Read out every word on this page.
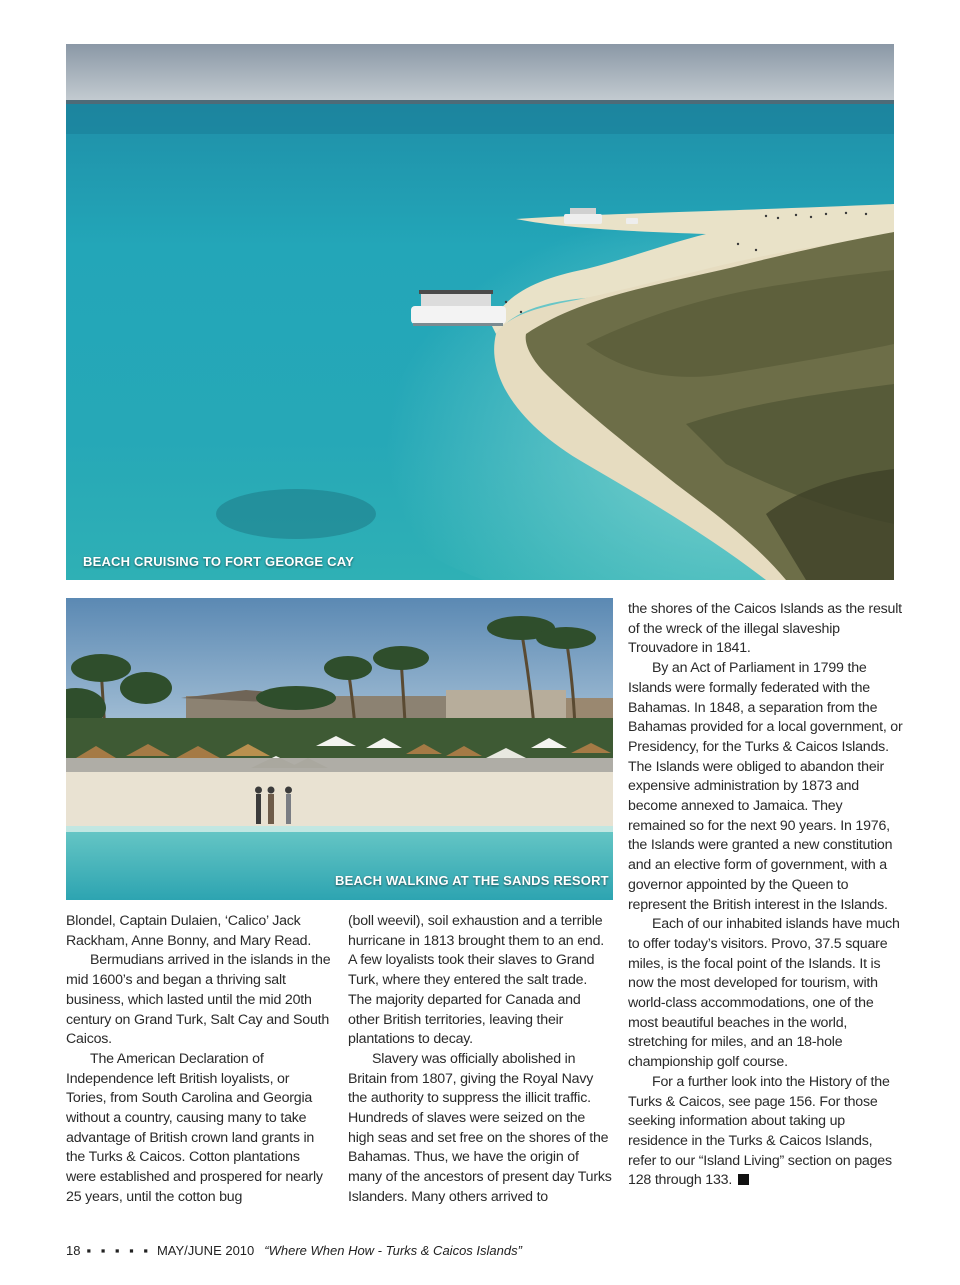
BEACH CRUISING TO FORT GEORGE CAY
BEACH WALKING AT THE SANDS RESORT

Blondel, Captain Dulaien, ‘Calico’ Jack Rackham, Anne Bonny, and Mary Read.

Bermudians arrived in the islands in the mid 1600’s and began a thriving salt business, which lasted until the mid 20th century on Grand Turk, Salt Cay and South Caicos.

The American Declaration of Independence left British loyalists, or Tories, from South Carolina and Georgia without a country, causing many to take advantage of British crown land grants in the Turks & Caicos. Cotton plantations were established and prospered for nearly 25 years, until the cotton bug

(boll weevil), soil exhaustion and a terrible hurricane in 1813 brought them to an end. A few loyalists took their slaves to Grand Turk, where they entered the salt trade. The majority departed for Canada and other British territories, leaving their plantations to decay.

Slavery was officially abolished in Britain from 1807, giving the Royal Navy the authority to suppress the illicit traffic. Hundreds of slaves were seized on the high seas and set free on the shores of the Bahamas. Thus, we have the origin of many of the ancestors of present day Turks Islanders. Many others arrived to

the shores of the Caicos Islands as the result of the wreck of the illegal slaveship Trouvadore in 1841.

By an Act of Parliament in 1799 the Islands were formally federated with the Bahamas. In 1848, a separation from the Bahamas provided for a local government, or Presidency, for the Turks & Caicos Islands. The Islands were obliged to abandon their expensive administration by 1873 and become annexed to Jamaica. They remained so for the next 90 years. In 1976, the Islands were granted a new constitution and an elective form of government, with a governor appointed by the Queen to represent the British interest in the Islands.

Each of our inhabited islands have much to offer today’s visitors. Provo, 37.5 square miles, is the focal point of the Islands. It is now the most developed for tourism, with world-class accommodations, one of the most beautiful beaches in the world, stretching for miles, and an 18-hole championship golf course.

For a further look into the History of the Turks & Caicos, see page 156. For those seeking information about taking up residence in the Turks & Caicos Islands, refer to our “Island Living” section on pages 128 through 133.

18 ▪ ▪ ▪ ▪ ▪ MAY/JUNE 2010 “Where When How - Turks & Caicos Islands”
